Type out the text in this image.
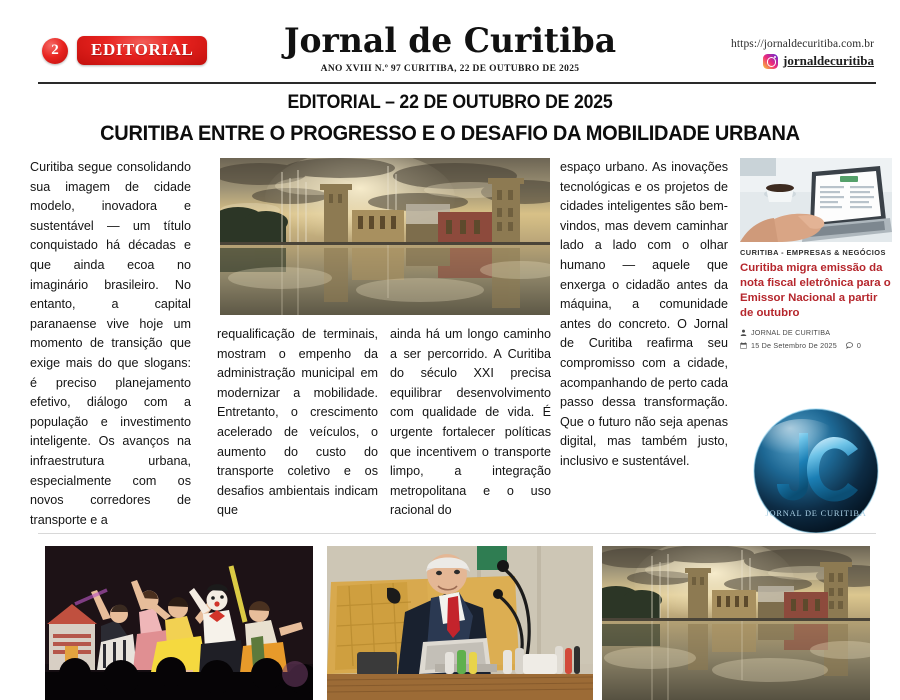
2	EDITORIAL	Jornal de Curitiba
ANO XVIII N.º 97 CURITIBA, 22 DE OUTUBRO DE 2025
https://jornaldecuritiba.com.br
jornaldecuritiba
EDITORIAL – 22 DE OUTUBRO DE 2025
CURITIBA ENTRE O PROGRESSO E O DESAFIO DA MOBILIDADE URBANA

Curitiba segue consolidando sua imagem de cidade modelo, inovadora e sustentável — um título conquistado há décadas e que ainda ecoa no imaginário brasileiro. No entanto, a capital paranaense vive hoje um momento de transição que exige mais do que slogans: é preciso planejamento efetivo, diálogo com a população e investimento inteligente. Os avanços na infraestrutura urbana, especialmente com os novos corredores de transporte e a

requalificação de terminais, mostram o empenho da administração municipal em modernizar a mobilidade. Entretanto, o crescimento acelerado de veículos, o aumento do custo do transporte coletivo e os desafios ambientais indicam que

ainda há um longo caminho a ser percorrido. A Curitiba do século XXI precisa equilibrar desenvolvimento com qualidade de vida. É urgente fortalecer políticas que incentivem o transporte limpo, a integração metropolitana e o uso racional do

espaço urbano. As inovações tecnológicas e os projetos de cidades inteligentes são bem-vindos, mas devem caminhar lado a lado com o olhar humano — aquele que enxerga o cidadão antes da máquina, a comunidade antes do concreto. O Jornal de Curitiba reafirma seu compromisso com a cidade, acompanhando de perto cada passo dessa transformação. Que o futuro não seja apenas digital, mas também justo, inclusivo e sustentável.

CURITIBA - EMPRESAS & NEGÓCIOS
Curitiba migra emissão da nota fiscal eletrônica para o Emissor Nacional a partir de outubro
JORNAL DE CURITIBA
15 De Setembro De 2025	0
JORNAL DE CURITIBA
